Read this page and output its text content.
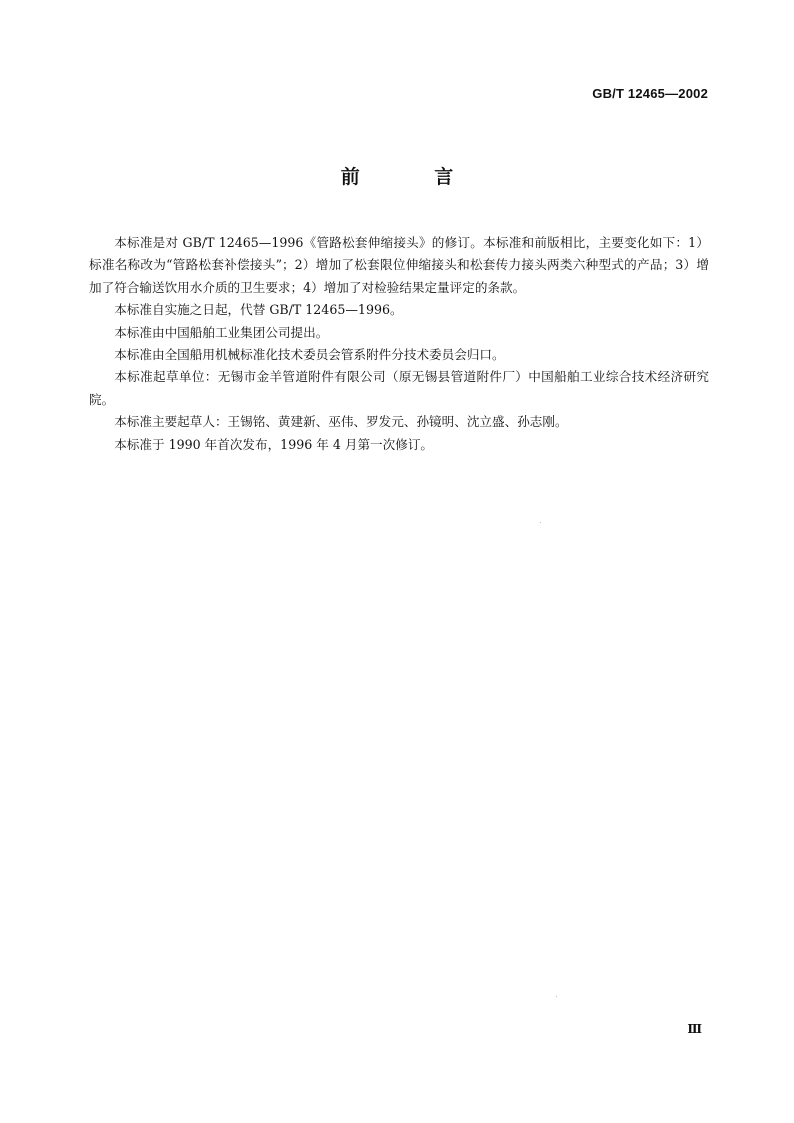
GB/T 12465—2002
前 言

本标准是对 GB/T 12465—1996《管路松套伸缩接头》的修订。本标准和前版相比，主要变化如下：1）标准名称改为“管路松套补偿接头”；2）增加了松套限位伸缩接头和松套传力接头两类六种型式的产品；3）增加了符合输送饮用水介质的卫生要求；4）增加了对检验结果定量评定的条款。

本标准自实施之日起，代替 GB/T 12465—1996。

本标准由中国船舶工业集团公司提出。

本标准由全国船用机械标准化技术委员会管系附件分技术委员会归口。

本标准起草单位：无锡市金羊管道附件有限公司（原无锡县管道附件厂）中国船舶工业综合技术经济研究院。

本标准主要起草人：王锡铭、黄建新、巫伟、罗发元、孙镜明、沈立盛、孙志刚。

本标准于 1990 年首次发布，1996 年 4 月第一次修订。

Ⅲ
